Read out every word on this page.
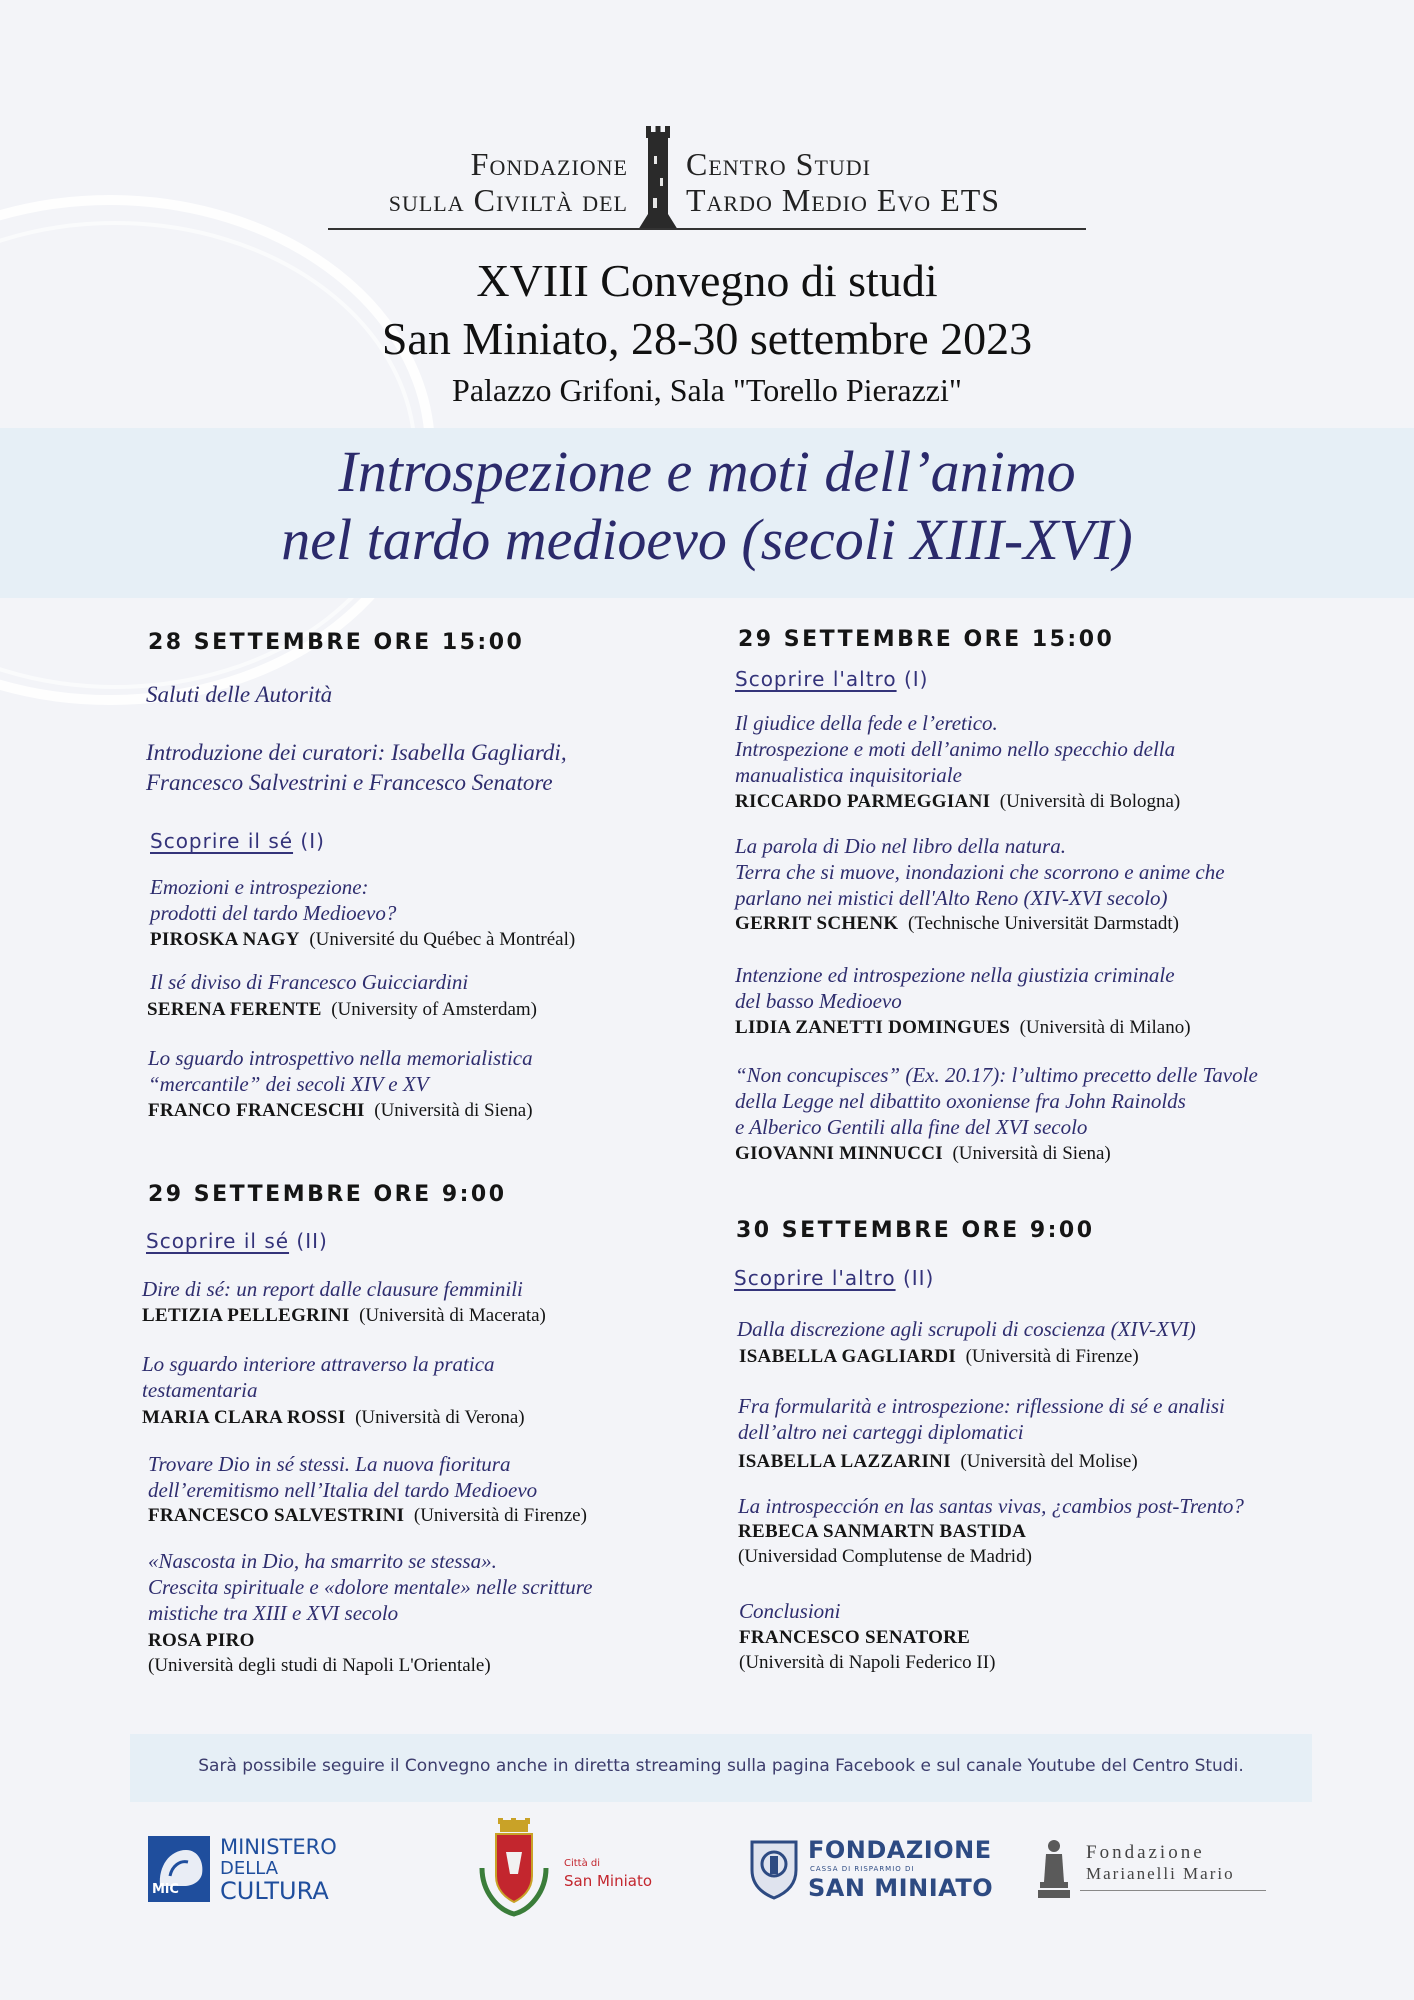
Fondazione
sulla Civiltà del
Centro Studi
Tardo Medio Evo ETS
XVIII Convegno di studi
San Miniato, 28-30 settembre 2023
Palazzo Grifoni, Sala "Torello Pierazzi"
Introspezione e moti dell’animo
nel tardo medioevo (secoli XIII-XVI)
28 SETTEMBRE ORE 15:00
Saluti delle Autorità
Introduzione dei curatori: Isabella Gagliardi,
Francesco Salvestrini e Francesco Senatore
Scoprire il sé (I)
Emozioni e introspezione:
prodotti del tardo Medioevo?
PIROSKA NAGY (Université du Québec à Montréal)
Il sé diviso di Francesco Guicciardini
SERENA FERENTE (University of Amsterdam)
Lo sguardo introspettivo nella memorialistica
“mercantile” dei secoli XIV e XV
FRANCO FRANCESCHI (Università di Siena)
29 SETTEMBRE ORE 9:00
Scoprire il sé (II)
Dire di sé: un report dalle clausure femminili
LETIZIA PELLEGRINI (Università di Macerata)
Lo sguardo interiore attraverso la pratica
testamentaria
MARIA CLARA ROSSI (Università di Verona)
Trovare Dio in sé stessi. La nuova fioritura
dell’eremitismo nell’Italia del tardo Medioevo
FRANCESCO SALVESTRINI (Università di Firenze)
«Nascosta in Dio, ha smarrito se stessa».
Crescita spirituale e «dolore mentale» nelle scritture
mistiche tra XIII e XVI secolo
ROSA PIRO
(Università degli studi di Napoli L'Orientale)
29 SETTEMBRE ORE 15:00
Scoprire l'altro (I)
Il giudice della fede e l’eretico.
Introspezione e moti dell’animo nello specchio della
manualistica inquisitoriale
RICCARDO PARMEGGIANI (Università di Bologna)
La parola di Dio nel libro della natura.
Terra che si muove, inondazioni che scorrono e anime che
parlano nei mistici dell'Alto Reno (XIV-XVI secolo)
GERRIT SCHENK (Technische Universität Darmstadt)
Intenzione ed introspezione nella giustizia criminale
del basso Medioevo
LIDIA ZANETTI DOMINGUES (Università di Milano)
“Non concupisces” (Ex. 20.17): l’ultimo precetto delle Tavole
della Legge nel dibattito oxoniense fra John Rainolds
e Alberico Gentili alla fine del XVI secolo
GIOVANNI MINNUCCI (Università di Siena)
30 SETTEMBRE ORE 9:00
Scoprire l'altro (II)
Dalla discrezione agli scrupoli di coscienza (XIV-XVI)
ISABELLA GAGLIARDI (Università di Firenze)
Fra formularità e introspezione: riflessione di sé e analisi
dell’altro nei carteggi diplomatici
ISABELLA LAZZARINI (Università del Molise)
La introspección en las santas vivas, ¿cambios post-Trento?
REBECA SANMARTN BASTIDA
(Universidad Complutense de Madrid)
Conclusioni
FRANCESCO SENATORE
(Università di Napoli Federico II)
Sarà possibile seguire il Convegno anche in diretta streaming sulla pagina Facebook e sul canale Youtube del Centro Studi.
MiC
MINISTERO
DELLA
CULTURA
Città di
San Miniato
FONDAZIONE
CASSA DI RISPARMIO DI
SAN MINIATO
Fondazione
Marianelli Mario
